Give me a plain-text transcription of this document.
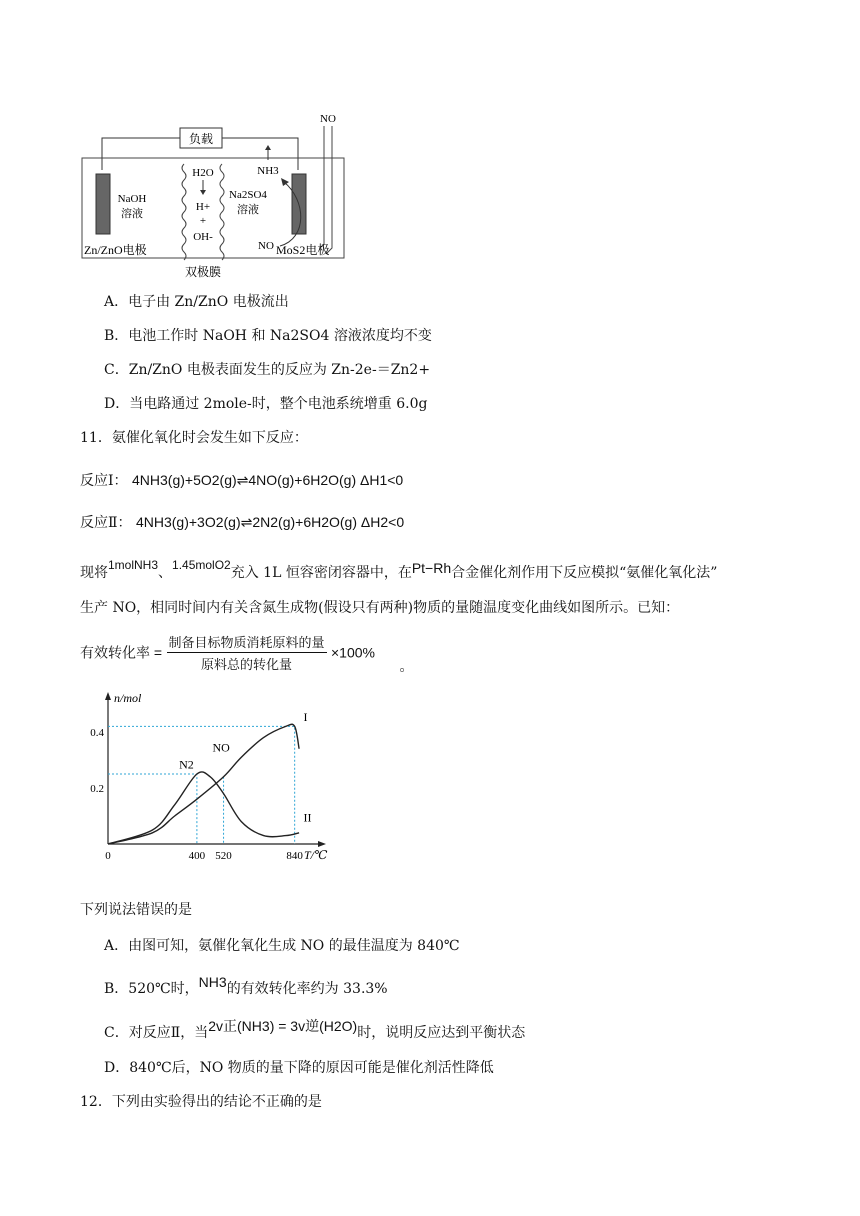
负载
NO
H2O
H+
+
OH-
NaOH
溶液
Na2SO4
溶液
NH3
NO
Zn/ZnO电极	MoS2电极
双极膜
A．电子由 Zn/ZnO 电极流出
B．电池工作时 NaOH 和 Na2SO4 溶液浓度均不变
C．Zn/ZnO 电极表面发生的反应为 Zn-2e-＝Zn2+
D．当电路通过 2mole-时，整个电池系统增重 6.0g
11．氨催化氧化时会发生如下反应：
反应Ⅰ： 4NH3(g)+5O2(g)⇌4NO(g)+6H2O(g) ΔH1<0
反应Ⅱ： 4NH3(g)+3O2(g)⇌2N2(g)+6H2O(g) ΔH2<0
现将1molNH3、1.45molO2充入 1L 恒容密闭容器中，在Pt−Rh合金催化剂作用下反应模拟“氨催化氧化法”
生产 NO，相同时间内有关含氮生成物(假设只有两种)物质的量随温度变化曲线如图所示。已知：
有效转化率 = $\frac{\text{制备目标物质消耗原料的量}}{\text{原料总的转化量}} \times 100\%$ 。
n/mol
T/℃
0	400 520	840
0.4
0.2
NO
N2
I
II
下列说法错误的是
A．由图可知，氨催化氧化生成 NO 的最佳温度为 840℃
B．520℃时，NH3的有效转化率约为 33.3%
C．对反应Ⅱ，当2v正(NH3) = 3v逆(H2O)时，说明反应达到平衡状态
D．840℃后，NO 物质的量下降的原因可能是催化剂活性降低
12．下列由实验得出的结论不正确的是
